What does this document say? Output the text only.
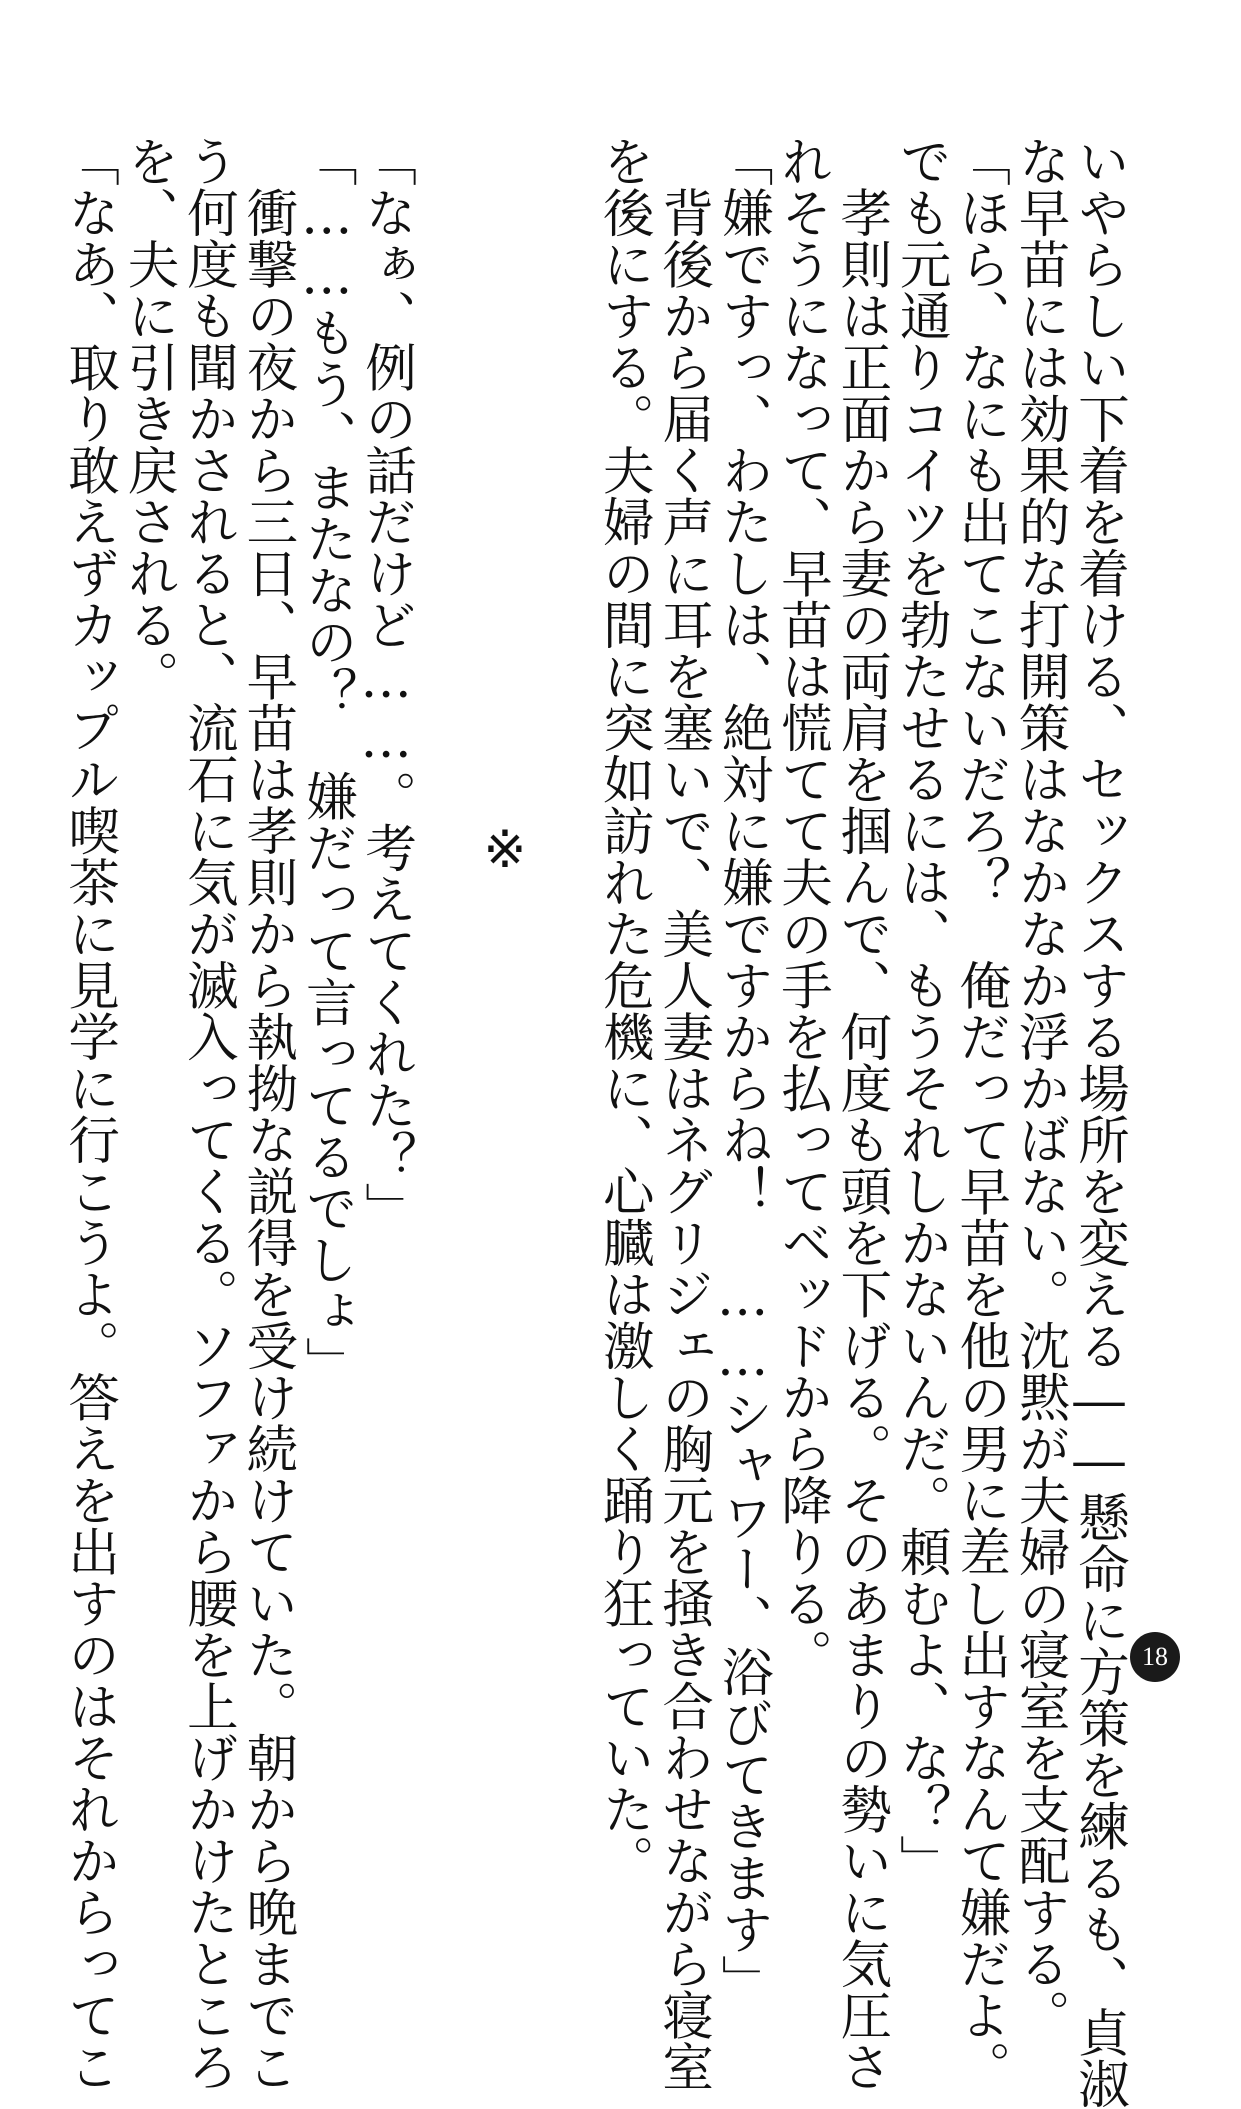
いやらしい下着を着ける、セックスする場所を変える――懸命に方策を練るも、貞淑
な早苗には効果的な打開策はなかなか浮かばない。沈黙が夫婦の寝室を支配する。
「ほら、なにも出てこないだろ？　俺だって早苗を他の男に差し出すなんて嫌だよ。
でも元通りコイツを勃たせるには、もうそれしかないんだ。頼むよ、な？」
　孝則は正面から妻の両肩を掴んで、何度も頭を下げる。そのあまりの勢いに気圧さ
れそうになって、早苗は慌てて夫の手を払ってベッドから降りる。
「嫌ですっ、わたしは、絶対に嫌ですからね！　……シャワー、浴びてきます」
　背後から届く声に耳を塞いで、美人妻はネグリジェの胸元を掻き合わせながら寝室
を後にする。夫婦の間に突如訪れた危機に、心臓は激しく踊り狂っていた。

※

「なぁ、例の話だけど……。考えてくれた？」
「……もう、またなの？　嫌だって言ってるでしょ」
　衝撃の夜から三日、早苗は孝則から執拗な説得を受け続けていた。朝から晩までこ
う何度も聞かされると、流石に気が滅入ってくる。ソファから腰を上げかけたところ
を、夫に引き戻される。
「なあ、取り敢えずカップル喫茶に見学に行こうよ。答えを出すのはそれからってこ	18
